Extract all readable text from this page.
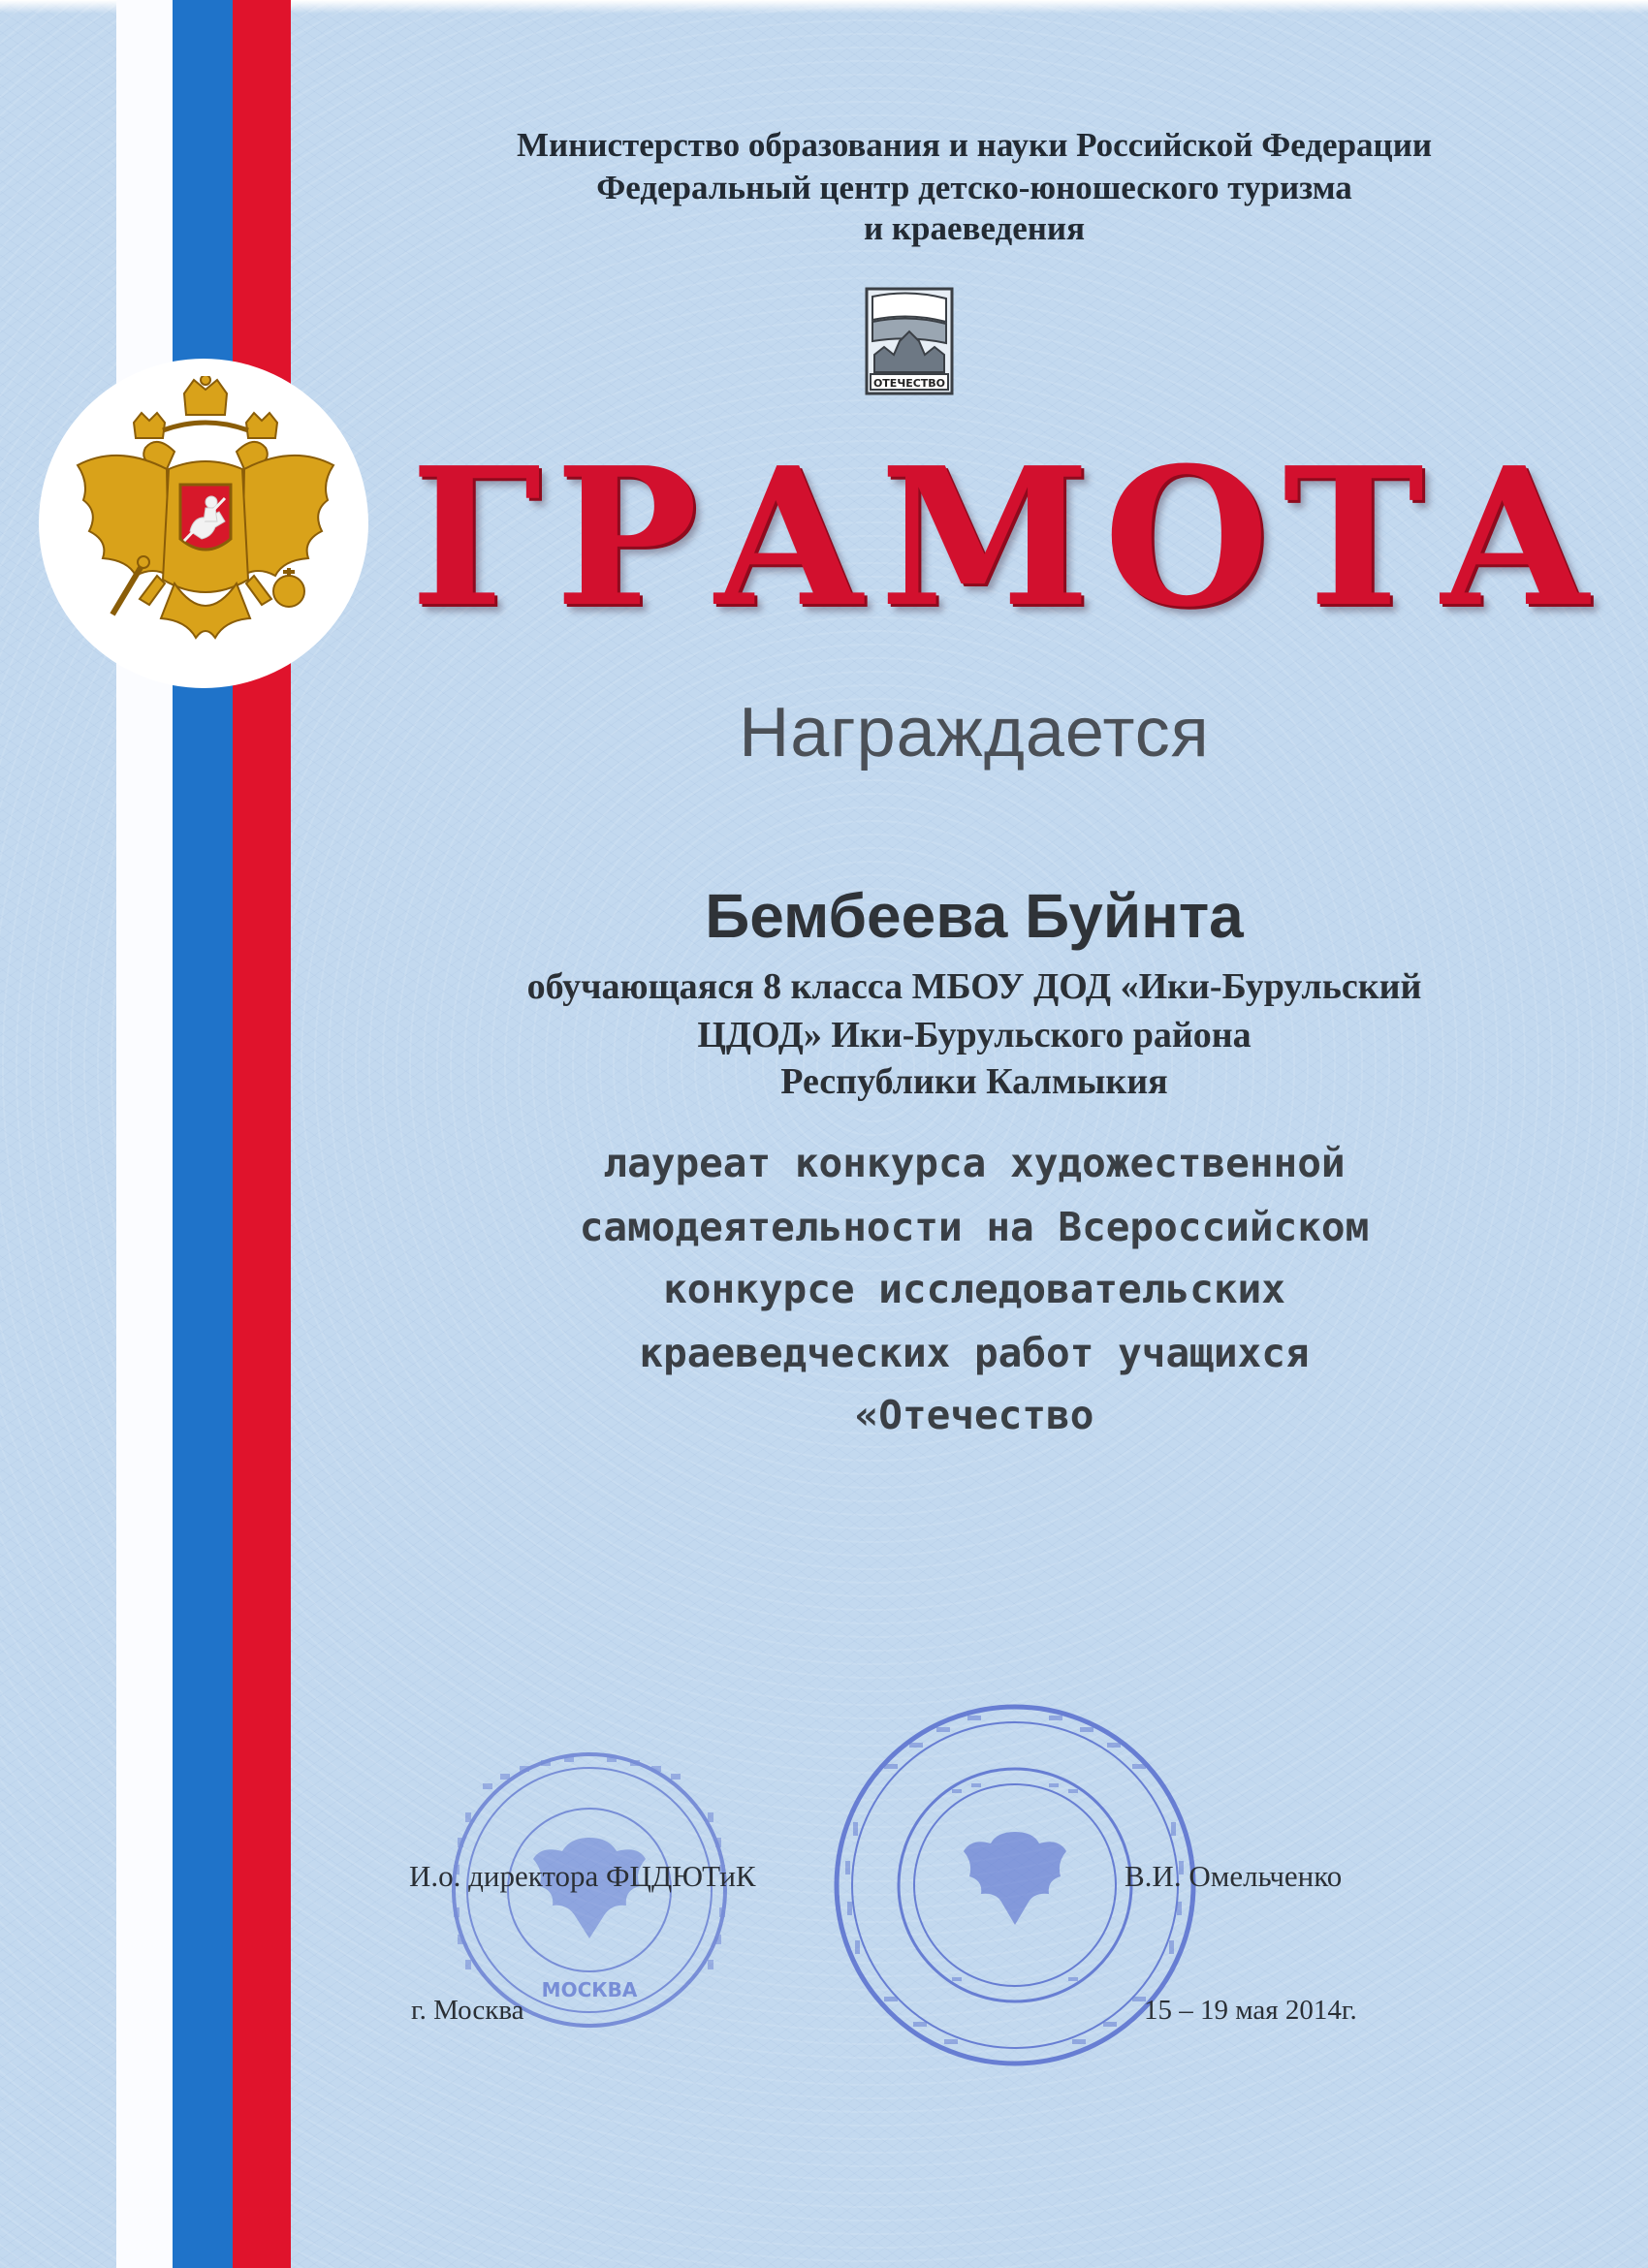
Министерство образования и науки Российской Федерации
Федеральный центр детско-юношеского туризма
и краеведения
ОТЕЧЕСТВО
ГРАМОТА
Награждается
Бембеева Буйнта
обучающаяся 8 класса МБОУ ДОД «Ики-Бурульский
ЦДОД» Ики-Бурульского района
Республики Калмыкия
лауреат конкурса художественной
самодеятельности на Всероссийском
конкурсе исследовательских
краеведческих работ учащихся
«Отечество
МОСКВА
И.о. директора ФЦДЮТиК	В.И. Омельченко
г. Москва	15 – 19 мая 2014г.
